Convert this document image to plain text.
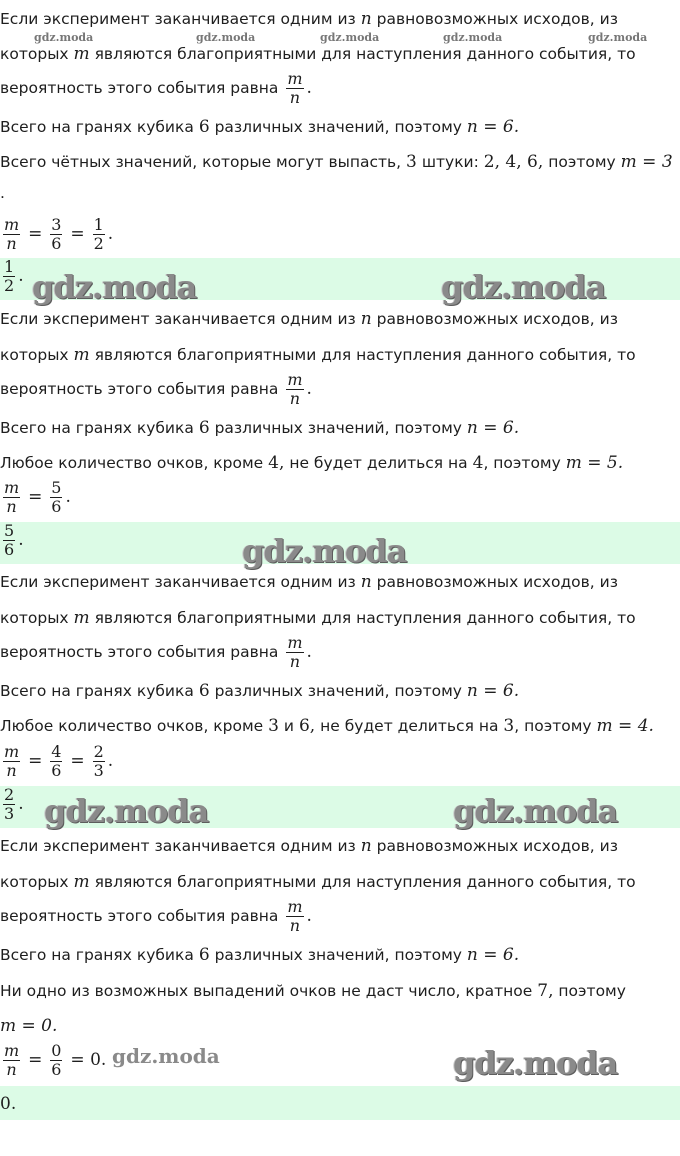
gdz.moda	gdz.moda	gdz.moda	gdz.moda	gdz.moda
Если эксперимент заканчивается одним из n равновозможных исходов, из
которых m являются благоприятными для наступления данного события, то
вероятность этого события равна $\frac{m}{n}$ .
Всего на гранях кубика 6 различных значений, поэтому n = 6.
Всего чётных значений, которые могут выпасть, 3 штуки: 2, 4, 6, поэтому m = 3
.
$\frac{m}{n} = \frac{3}{6} = \frac{1}{2}$ .
$\frac{1}{2}$ . gdz.moda	gdz.moda
Если эксперимент заканчивается одним из n равновозможных исходов, из
которых m являются благоприятными для наступления данного события, то
вероятность этого события равна $\frac{m}{n}$ .
Всего на гранях кубика 6 различных значений, поэтому n = 6.
Любое количество очков, кроме 4, не будет делиться на 4, поэтому m = 5.
$\frac{m}{n} = \frac{5}{6}$ .
$\frac{5}{6}$ .	gdz.moda
Если эксперимент заканчивается одним из n равновозможных исходов, из
которых m являются благоприятными для наступления данного события, то
вероятность этого события равна $\frac{m}{n}$ .
Всего на гранях кубика 6 различных значений, поэтому n = 6.
Любое количество очков, кроме 3 и 6, не будет делиться на 3, поэтому m = 4.
$\frac{m}{n} = \frac{4}{6} = \frac{2}{3}$ .
$\frac{2}{3}$ . gdz.moda	gdz.moda
Если эксперимент заканчивается одним из n равновозможных исходов, из
которых m являются благоприятными для наступления данного события, то
вероятность этого события равна $\frac{m}{n}$ .
Всего на гранях кубика 6 различных значений, поэтому n = 6.
Ни одно из возможных выпадений очков не даст число, кратное 7, поэтому
m = 0.
$\frac{m}{n} = \frac{0}{6} = 0$. gdz.moda
0.
gdz.moda
